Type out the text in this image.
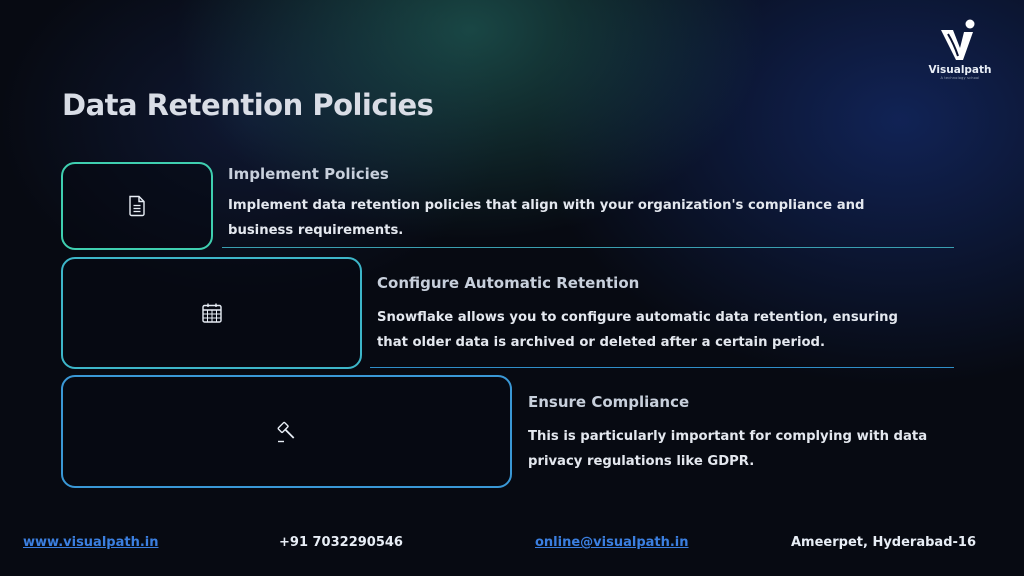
Visualpath
A technology school
Data Retention Policies
Implement Policies
Implement data retention policies that align with your organization's compliance and
business requirements.
Configure Automatic Retention
Snowflake allows you to configure automatic data retention, ensuring
that older data is archived or deleted after a certain period.
Ensure Compliance
This is particularly important for complying with data
privacy regulations like GDPR.
www.visualpath.in	+91 7032290546	online@visualpath.in	Ameerpet, Hyderabad-16
